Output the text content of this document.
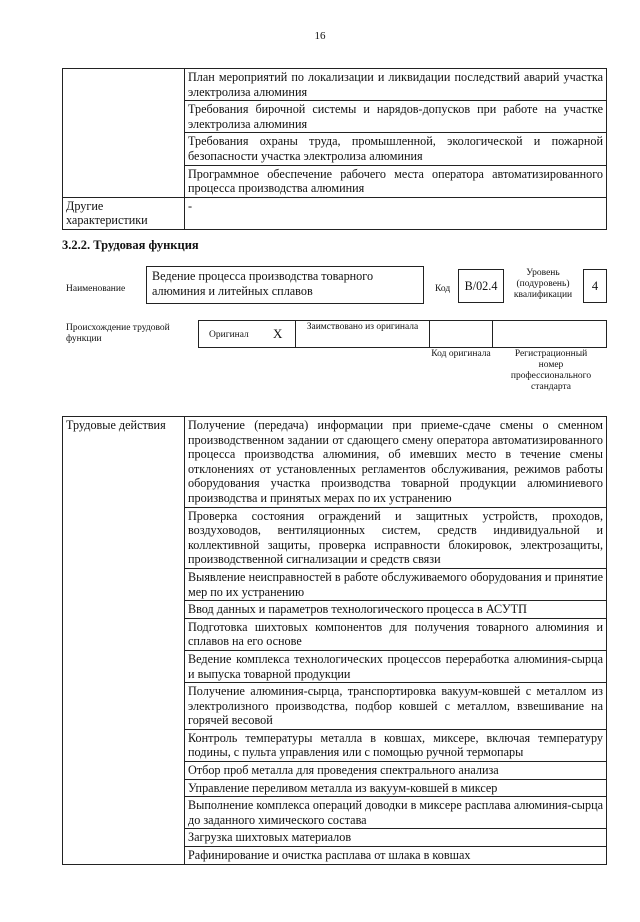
16
	План мероприятий по локализации и ликвидации последствий аварий участка электролиза алюминия
	Требования бирочной системы и нарядов-допусков при работе на участке электролиза алюминия
	Требования охраны труда, промышленной, экологической и пожарной безопасности участка электролиза алюминия
	Программное обеспечение рабочего места оператора автоматизированного процесса производства алюминия
Другие характеристики	-
3.2.2. Трудовая функция
Наименование
Ведение процесса производства товарного алюминия и литейных сплавов	Код B/02.4
Уровень (подуровень) квалификации
4
Происхождение трудовой функции	Оригинал X	Заимствовано из оригинала
Код оригинала	Регистрационный номер профессионального стандарта
Трудовые действия	Получение (передача) информации при приеме-сдаче смены о сменном производственном задании от сдающего смену оператора автоматизированного процесса производства алюминия, об имевших место в течение смены отклонениях от установленных регламентов обслуживания, режимов работы оборудования участка производства товарной продукции алюминиевого производства и принятых мерах по их устранению
Проверка состояния ограждений и защитных устройств, проходов, воздуховодов, вентиляционных систем, средств индивидуальной и коллективной защиты, проверка исправности блокировок, электрозащиты, производственной сигнализации и средств связи
Выявление неисправностей в работе обслуживаемого оборудования и принятие мер по их устранению
Ввод данных и параметров технологического процесса в АСУТП
Подготовка шихтовых компонентов для получения товарного алюминия и сплавов на его основе
Ведение комплекса технологических процессов переработка алюминия-сырца и выпуска товарной продукции
Получение алюминия-сырца, транспортировка вакуум-ковшей с металлом из электролизного производства, подбор ковшей с металлом, взвешивание на горячей весовой
Контроль температуры металла в ковшах, миксере, включая температуру подины, с пульта управления или с помощью ручной термопары
Отбор проб металла для проведения спектрального анализа
Управление переливом металла из вакуум-ковшей в миксер
Выполнение комплекса операций доводки в миксере расплава алюминия-сырца до заданного химического состава
Загрузка шихтовых материалов
Рафинирование и очистка расплава от шлака в ковшах
